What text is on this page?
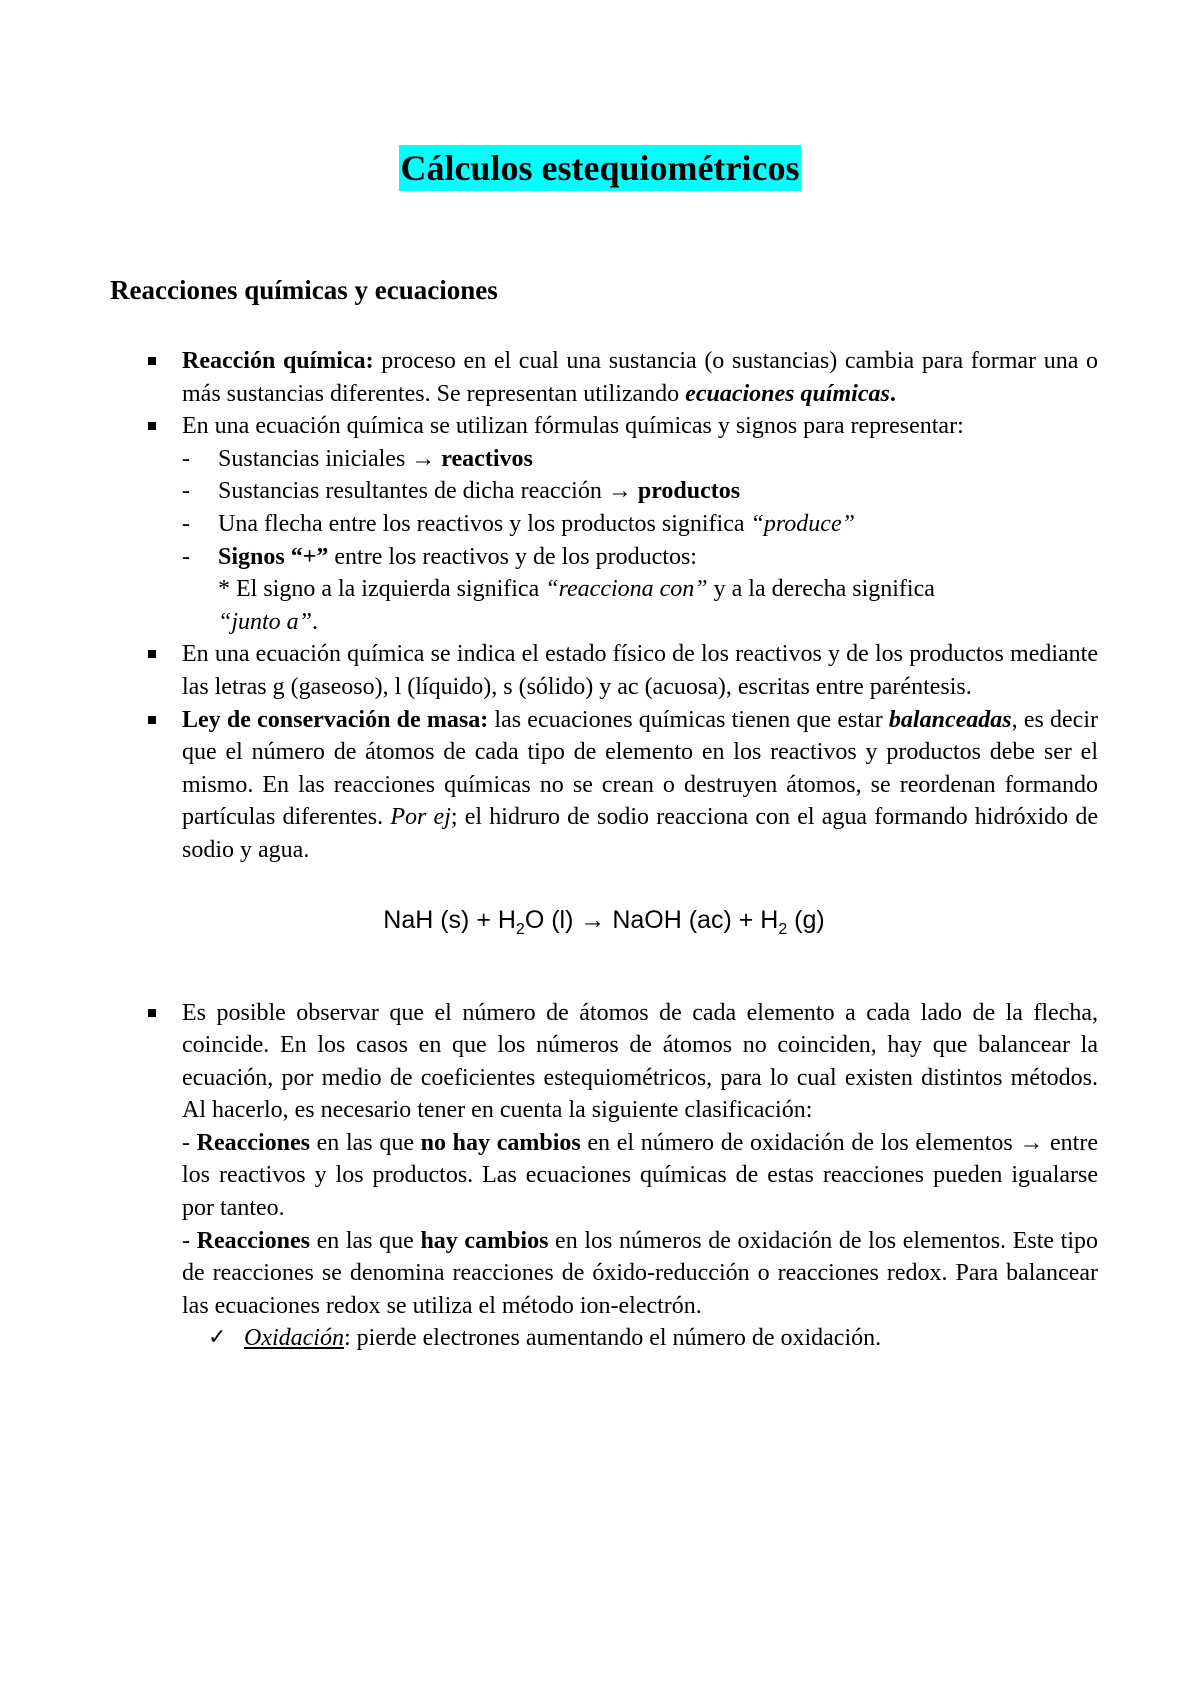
Cálculos estequiométricos
Reacciones químicas y ecuaciones
Reacción química: proceso en el cual una sustancia (o sustancias) cambia para formar una o más sustancias diferentes. Se representan utilizando ecuaciones químicas.
En una ecuación química se utilizan fórmulas químicas y signos para representar:
- Sustancias iniciales → reactivos
- Sustancias resultantes de dicha reacción → productos
- Una flecha entre los reactivos y los productos significa “produce”
- Signos “+” entre los reactivos y de los productos:
* El signo a la izquierda significa “reacciona con” y a la derecha significa
“junto a”.
En una ecuación química se indica el estado físico de los reactivos y de los productos mediante las letras g (gaseoso), l (líquido), s (sólido) y ac (acuosa), escritas entre paréntesis.
Ley de conservación de masa: las ecuaciones químicas tienen que estar balanceadas, es decir que el número de átomos de cada tipo de elemento en los reactivos y productos debe ser el mismo. En las reacciones químicas no se crean o destruyen átomos, se reordenan formando partículas diferentes. Por ej; el hidruro de sodio reacciona con el agua formando hidróxido de sodio y agua.
NaH $(s) + H_2O$ (l) → NaOH $(ac) + H_2$ (g)
Es posible observar que el número de átomos de cada elemento a cada lado de la flecha, coincide. En los casos en que los números de átomos no coinciden, hay que balancear la ecuación, por medio de coeficientes estequiométricos, para lo cual existen distintos métodos. Al hacerlo, es necesario tener en cuenta la siguiente clasificación:
- Reacciones en las que no hay cambios en el número de oxidación de los elementos → entre los reactivos y los productos. Las ecuaciones químicas de estas reacciones pueden igualarse por tanteo.
- Reacciones en las que hay cambios en los números de oxidación de los elementos. Este tipo de reacciones se denomina reacciones de óxido-reducción o reacciones redox. Para balancear las ecuaciones redox se utiliza el método ion-electrón.
✓ Oxidación: pierde electrones aumentando el número de oxidación.
